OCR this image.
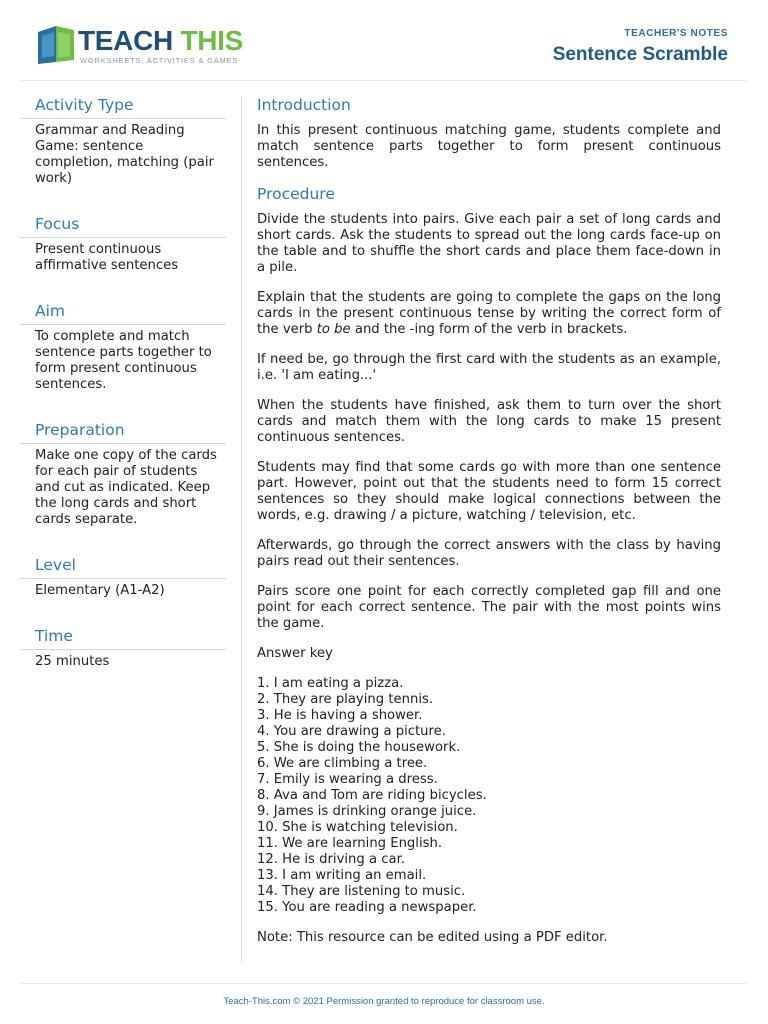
TEACH THIS
WORKSHEETS, ACTIVITIES & GAMES
TEACHER'S NOTES
Sentence Scramble
Activity Type

Grammar and Reading Game: sentence completion, matching (pair work)

Focus

Present continuous affirmative sentences

Aim

To complete and match sentence parts together to form present continuous sentences.

Preparation

Make one copy of the cards for each pair of students and cut as indicated. Keep the long cards and short cards separate.

Level

Elementary (A1-A2)

Time

25 minutes

Introduction

In this present continuous matching game, students complete and match sentence parts together to form present continuous sentences.

Procedure

Divide the students into pairs. Give each pair a set of long cards and short cards. Ask the students to spread out the long cards face-up on the table and to shuffle the short cards and place them face-down in a pile.

Explain that the students are going to complete the gaps on the long cards in the present continuous tense by writing the correct form of the verb to be and the -ing form of the verb in brackets.

If need be, go through the first card with the students as an example, i.e. 'I am eating...'

When the students have finished, ask them to turn over the short cards and match them with the long cards to make 15 present continuous sentences.

Students may find that some cards go with more than one sentence part. However, point out that the students need to form 15 correct sentences so they should make logical connections between the words, e.g. drawing / a picture, watching / television, etc.

Afterwards, go through the correct answers with the class by having pairs read out their sentences.

Pairs score one point for each correctly completed gap fill and one point for each correct sentence. The pair with the most points wins the game.

Answer key

1. I am eating a pizza.
2. They are playing tennis.
3. He is having a shower.
4. You are drawing a picture.
5. She is doing the housework.
6. We are climbing a tree.
7. Emily is wearing a dress.
8. Ava and Tom are riding bicycles.
9. James is drinking orange juice.
10. She is watching television.
11. We are learning English.
12. He is driving a car.
13. I am writing an email.
14. They are listening to music.
15. You are reading a newspaper.

Note: This resource can be edited using a PDF editor.

Teach-This.com © 2021 Permission granted to reproduce for classroom use.
